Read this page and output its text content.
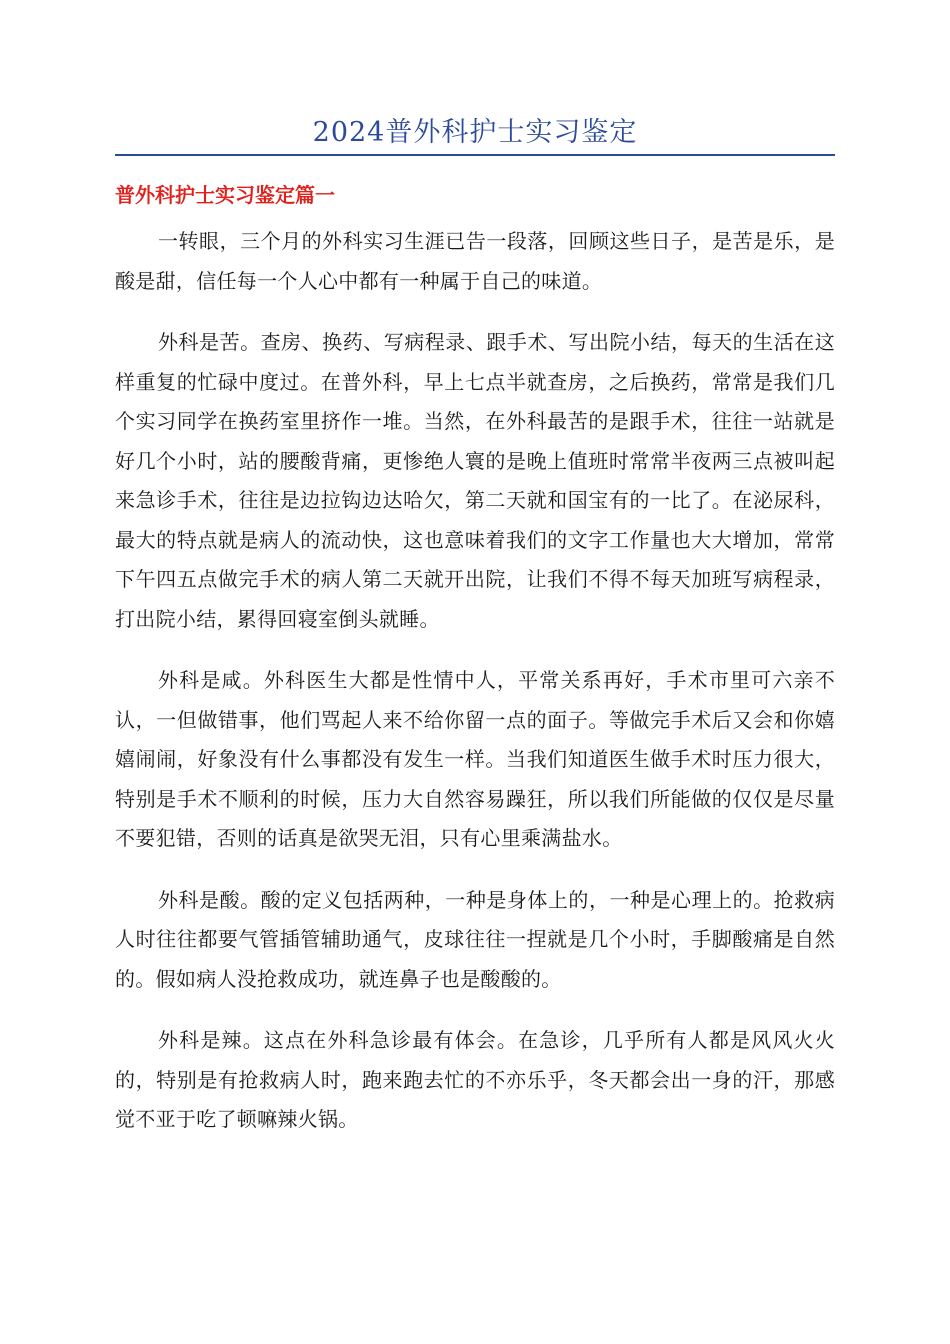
2024普外科护士实习鉴定
普外科护士实习鉴定篇一

一转眼，三个月的外科实习生涯已告一段落，回顾这些日子，是苦是乐，是酸是甜，信任每一个人心中都有一种属于自己的味道。

外科是苦。查房、换药、写病程录、跟手术、写出院小结，每天的生活在这样重复的忙碌中度过。在普外科，早上七点半就查房，之后换药，常常是我们几个实习同学在换药室里挤作一堆。当然，在外科最苦的是跟手术，往往一站就是好几个小时，站的腰酸背痛，更惨绝人寰的是晚上值班时常常半夜两三点被叫起来急诊手术，往往是边拉钩边达哈欠，第二天就和国宝有的一比了。在泌尿科，最大的特点就是病人的流动快，这也意味着我们的文字工作量也大大增加，常常下午四五点做完手术的病人第二天就开出院，让我们不得不每天加班写病程录，打出院小结，累得回寝室倒头就睡。

外科是咸。外科医生大都是性情中人，平常关系再好，手术市里可六亲不认，一但做错事，他们骂起人来不给你留一点的面子。等做完手术后又会和你嬉嬉闹闹，好象没有什么事都没有发生一样。当我们知道医生做手术时压力很大，特别是手术不顺利的时候，压力大自然容易躁狂，所以我们所能做的仅仅是尽量不要犯错，否则的话真是欲哭无泪，只有心里乘满盐水。

外科是酸。酸的定义包括两种，一种是身体上的，一种是心理上的。抢救病人时往往都要气管插管辅助通气，皮球往往一捏就是几个小时，手脚酸痛是自然的。假如病人没抢救成功，就连鼻子也是酸酸的。

外科是辣。这点在外科急诊最有体会。在急诊，几乎所有人都是风风火火的，特别是有抢救病人时，跑来跑去忙的不亦乐乎，冬天都会出一身的汗，那感觉不亚于吃了顿嘛辣火锅。
